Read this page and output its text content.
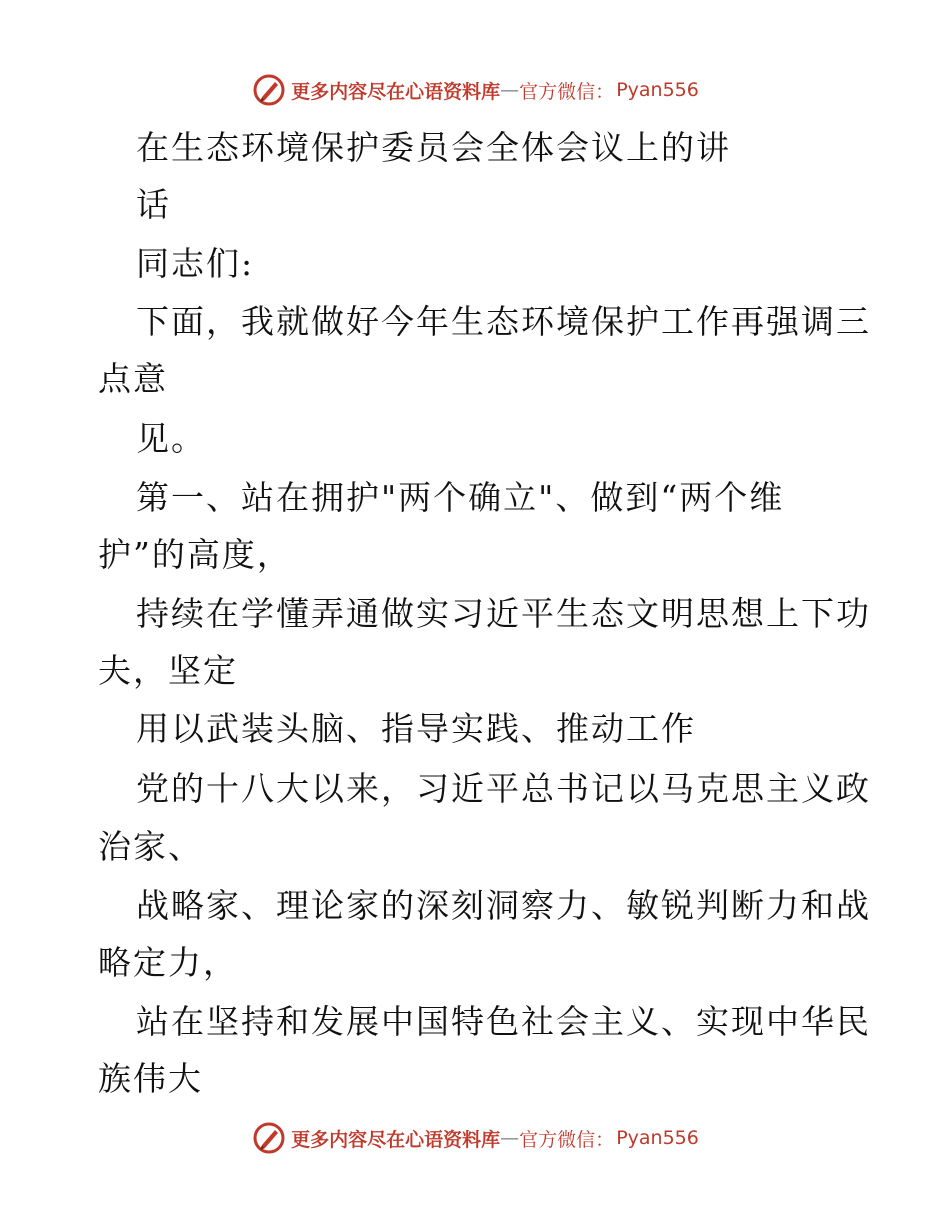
更多内容尽在心语资料库 — 官方微信： Pyan556
在生态环境保护委员会全体会议上的讲
话
同志们:
下面，我就做好今年生态环境保护工作再强调三
点意
见。
第一、站在拥护"两个确立"、做到“两个维
护”的高度，
持续在学懂弄通做实习近平生态文明思想上下功
夫，坚定
用以武装头脑、指导实践、推动工作
党的十八大以来，习近平总书记以马克思主义政
治家、
战略家、理论家的深刻洞察力、敏锐判断力和战
略定力，
站在坚持和发展中国特色社会主义、实现中华民
族伟大
更多内容尽在心语资料库 — 官方微信： Pyan556
